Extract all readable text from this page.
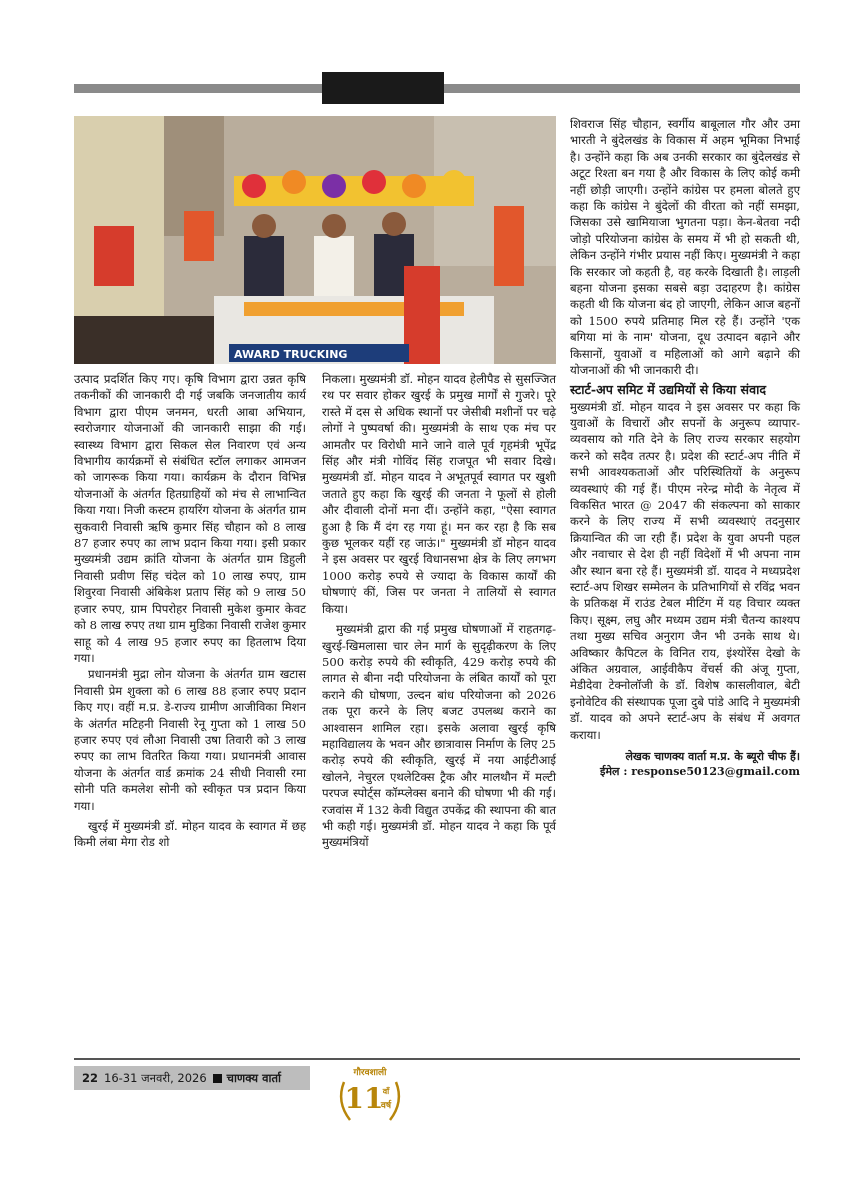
AWARD TRUCKING

उत्पाद प्रदर्शित किए गए। कृषि विभाग द्वारा उन्नत कृषि तकनीकों की जानकारी दी गई जबकि जनजातीय कार्य विभाग द्वारा पीएम जनमन, धरती आबा अभियान, स्वरोजगार योजनाओं की जानकारी साझा की गई। स्वास्थ्य विभाग द्वारा सिकल सेल निवारण एवं अन्य विभागीय कार्यक्रमों से संबंधित स्टॉल लगाकर आमजन को जागरूक किया गया। कार्यक्रम के दौरान विभिन्न योजनाओं के अंतर्गत हितग्राहियों को मंच से लाभान्वित किया गया। निजी कस्टम हायरिंग योजना के अंतर्गत ग्राम सुकवारी निवासी ऋषि कुमार सिंह चौहान को 8 लाख 87 हजार रुपए का लाभ प्रदान किया गया। इसी प्रकार मुख्यमंत्री उद्यम क्रांति योजना के अंतर्गत ग्राम डिहुली निवासी प्रवीण सिंह चंदेल को 10 लाख रुपए, ग्राम शिवुरवा निवासी अंबिकेश प्रताप सिंह को 9 लाख 50 हजार रुपए, ग्राम पिपरोहर निवासी मुकेश कुमार केवट को 8 लाख रुपए तथा ग्राम मुडिका निवासी राजेश कुमार साहू को 4 लाख 95 हजार रुपए का हितलाभ दिया गया।

प्रधानमंत्री मुद्रा लोन योजना के अंतर्गत ग्राम खटास निवासी प्रेम शुक्ला को 6 लाख 88 हजार रुपए प्रदान किए गए। वहीं म.प्र. डे-राज्य ग्रामीण आजीविका मिशन के अंतर्गत मटिहनी निवासी रेनू गुप्ता को 1 लाख 50 हजार रुपए एवं लौआ निवासी उषा तिवारी को 3 लाख रुपए का लाभ वितरित किया गया। प्रधानमंत्री आवास योजना के अंतर्गत वार्ड क्रमांक 24 सीधी निवासी रमा सोनी पति कमलेश सोनी को स्वीकृत पत्र प्रदान किया गया।

खुरई में मुख्यमंत्री डॉ. मोहन यादव के स्वागत में छह किमी लंबा मेगा रोड शो

निकला। मुख्यमंत्री डॉ. मोहन यादव हेलीपैड से सुसज्जित रथ पर सवार होकर खुरई के प्रमुख मार्गों से गुजरे। पूरे रास्ते में दस से अधिक स्थानों पर जेसीबी मशीनों पर चढ़े लोगों ने पुष्पवर्षा की। मुख्यमंत्री के साथ एक मंच पर आमतौर पर विरोधी माने जाने वाले पूर्व गृहमंत्री भूपेंद्र सिंह और मंत्री गोविंद सिंह राजपूत भी सवार दिखे। मुख्यमंत्री डॉ. मोहन यादव ने अभूतपूर्व स्वागत पर खुशी जताते हुए कहा कि खुरई की जनता ने फूलों से होली और दीवाली दोनों मना दीं। उन्होंने कहा, "ऐसा स्वागत हुआ है कि मैं दंग रह गया हूं। मन कर रहा है कि सब कुछ भूलकर यहीं रह जाऊं।" मुख्यमंत्री डॉ मोहन यादव ने इस अवसर पर खुरई विधानसभा क्षेत्र के लिए लगभग 1000 करोड़ रुपये से ज्यादा के विकास कार्यों की घोषणाएं कीं, जिस पर जनता ने तालियों से स्वागत किया।

मुख्यमंत्री द्वारा की गई प्रमुख घोषणाओं में राहतगढ़-खुरई-खिमलासा चार लेन मार्ग के सुदृढ़ीकरण के लिए 500 करोड़ रुपये की स्वीकृति, 429 करोड़ रुपये की लागत से बीना नदी परियोजना के लंबित कार्यों को पूरा कराने की घोषणा, उल्दन बांध परियोजना को 2026 तक पूरा करने के लिए बजट उपलब्ध कराने का आश्वासन शामिल रहा। इसके अलावा खुरई कृषि महाविद्यालय के भवन और छात्रावास निर्माण के लिए 25 करोड़ रुपये की स्वीकृति, खुरई में नया आईटीआई खोलने, नेचुरल एथलेटिक्स ट्रैक और मालथौन में मल्टी परपज स्पोर्ट्स कॉम्प्लेक्स बनाने की घोषणा भी की गई। रजवांस में 132 केवी विद्युत उपकेंद्र की स्थापना की बात भी कही गई। मुख्यमंत्री डॉ. मोहन यादव ने कहा कि पूर्व मुख्यमंत्रियों

शिवराज सिंह चौहान, स्वर्गीय बाबूलाल गौर और उमा भारती ने बुंदेलखंड के विकास में अहम भूमिका निभाई है। उन्होंने कहा कि अब उनकी सरकार का बुंदेलखंड से अटूट रिश्ता बन गया है और विकास के लिए कोई कमी नहीं छोड़ी जाएगी। उन्होंने कांग्रेस पर हमला बोलते हुए कहा कि कांग्रेस ने बुंदेलों की वीरता को नहीं समझा, जिसका उसे खामियाजा भुगतना पड़ा। केन-बेतवा नदी जोड़ो परियोजना कांग्रेस के समय में भी हो सकती थी, लेकिन उन्होंने गंभीर प्रयास नहीं किए। मुख्यमंत्री ने कहा कि सरकार जो कहती है, वह करके दिखाती है। लाड़ली बहना योजना इसका सबसे बड़ा उदाहरण है। कांग्रेस कहती थी कि योजना बंद हो जाएगी, लेकिन आज बहनों को 1500 रुपये प्रतिमाह मिल रहे हैं। उन्होंने 'एक बगिया मां के नाम' योजना, दूध उत्पादन बढ़ाने और किसानों, युवाओं व महिलाओं को आगे बढ़ाने की योजनाओं की भी जानकारी दी।

स्टार्ट-अप समिट में उद्यमियों से किया संवाद

मुख्यमंत्री डॉ. मोहन यादव ने इस अवसर पर कहा कि युवाओं के विचारों और सपनों के अनुरूप व्यापार-व्यवसाय को गति देने के लिए राज्य सरकार सहयोग करने को सदैव तत्पर है। प्रदेश की स्टार्ट-अप नीति में सभी आवश्यकताओं और परिस्थितियों के अनुरूप व्यवस्थाएं की गई हैं। पीएम नरेन्द्र मोदी के नेतृत्व में विकसित भारत @ 2047 की संकल्पना को साकार करने के लिए राज्य में सभी व्यवस्थाएं तदनुसार क्रियान्वित की जा रही हैं। प्रदेश के युवा अपनी पहल और नवाचार से देश ही नहीं विदेशों में भी अपना नाम और स्थान बना रहे हैं। मुख्यमंत्री डॉ. यादव ने मध्यप्रदेश स्टार्ट-अप शिखर सम्मेलन के प्रतिभागियों से रविंद्र भवन के प्रतिकक्ष में राउंड टेबल मीटिंग में यह विचार व्यक्त किए। सूक्ष्म, लघु और मध्यम उद्यम मंत्री चैतन्य काश्यप तथा मुख्य सचिव अनुराग जैन भी उनके साथ थे। अविष्कार कैपिटल के विनित राय, इंश्योरेंस देखो के अंकित अग्रवाल, आईवीकैप वेंचर्स की अंजू गुप्ता, मेडीदेवा टेक्नोलॉजी के डॉ. विशेष कासलीवाल, बेटी इनोवेटिव की संस्थापक पूजा दुबे पांडे आदि ने मुख्यमंत्री डॉ. यादव को अपने स्टार्ट-अप के संबंध में अवगत कराया।

लेखक चाणक्य वार्ता म.प्र. के ब्यूरो चीफ हैं।
ईमेल : response50123@gmail.com
22 16-31 जनवरी, 2026 चाणक्य वार्ता	गौरवशाली
11 वाँ
वर्ष
